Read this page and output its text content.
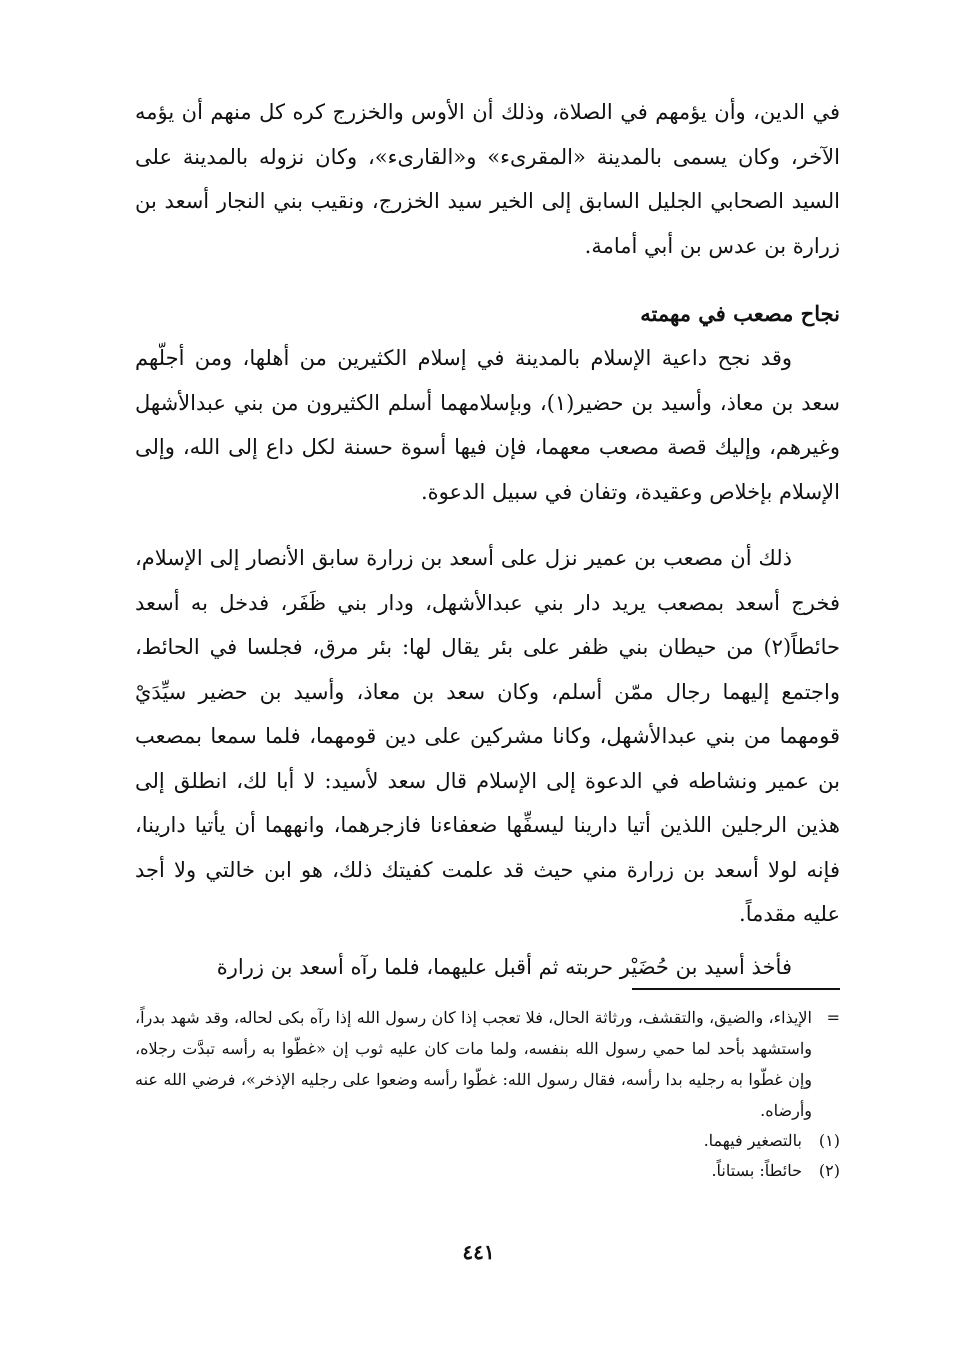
في الدين، وأن يؤمهم في الصلاة، وذلك أن الأوس والخزرج كره كل منهم أن يؤمه الآخر، وكان يسمى بالمدينة «المقرىء» و«القارىء»، وكان نزوله بالمدينة على السيد الصحابي الجليل السابق إلى الخير سيد الخزرج، ونقيب بني النجار أسعد بن زرارة بن عدس بن أبي أمامة.

نجاح مصعب في مهمته

وقد نجح داعية الإسلام بالمدينة في إسلام الكثيرين من أهلها، ومن أجلّهم سعد بن معاذ، وأسيد بن حضير(١)، وبإسلامهما أسلم الكثيرون من بني عبدالأشهل وغيرهم، وإليك قصة مصعب معهما، فإن فيها أسوة حسنة لكل داع إلى الله، وإلى الإسلام بإخلاص وعقيدة، وتفان في سبيل الدعوة.

ذلك أن مصعب بن عمير نزل على أسعد بن زرارة سابق الأنصار إلى الإسلام، فخرج أسعد بمصعب يريد دار بني عبدالأشهل، ودار بني ظَفَر، فدخل به أسعد حائطاً(٢) من حيطان بني ظفر على بئر يقال لها: بئر مرق، فجلسا في الحائط، واجتمع إليهما رجال ممّن أسلم، وكان سعد بن معاذ، وأسيد بن حضير سيِّدَيْ قومهما من بني عبدالأشهل، وكانا مشركين على دين قومهما، فلما سمعا بمصعب بن عمير ونشاطه في الدعوة إلى الإسلام قال سعد لأسيد: لا أبا لك، انطلق إلى هذين الرجلين اللذين أتيا دارينا ليسفِّها ضعفاءنا فازجرهما، وانههما أن يأتيا دارينا، فإنه لولا أسعد بن زرارة مني حيث قد علمت كفيتك ذلك، هو ابن خالتي ولا أجد عليه مقدماً.

فأخذ أسيد بن حُضَيْر حربته ثم أقبل عليهما، فلما رآه أسعد بن زرارة

=

الإيذاء، والضيق، والتقشف، ورثاثة الحال، فلا تعجب إذا كان رسول الله إذا رآه بكى لحاله، وقد شهد بدراً، واستشهد بأحد لما حمي رسول الله بنفسه، ولما مات كان عليه ثوب إن «غطّوا به رأسه تبدَّت رجلاه، وإن غطّوا به رجليه بدا رأسه، فقال رسول الله: غطّوا رأسه وضعوا على رجليه الإذخر»، فرضي الله عنه وأرضاه.

(١)
بالتصغير فيهما.
(٢)
حائطاً: بستاناً.
٤٤١
